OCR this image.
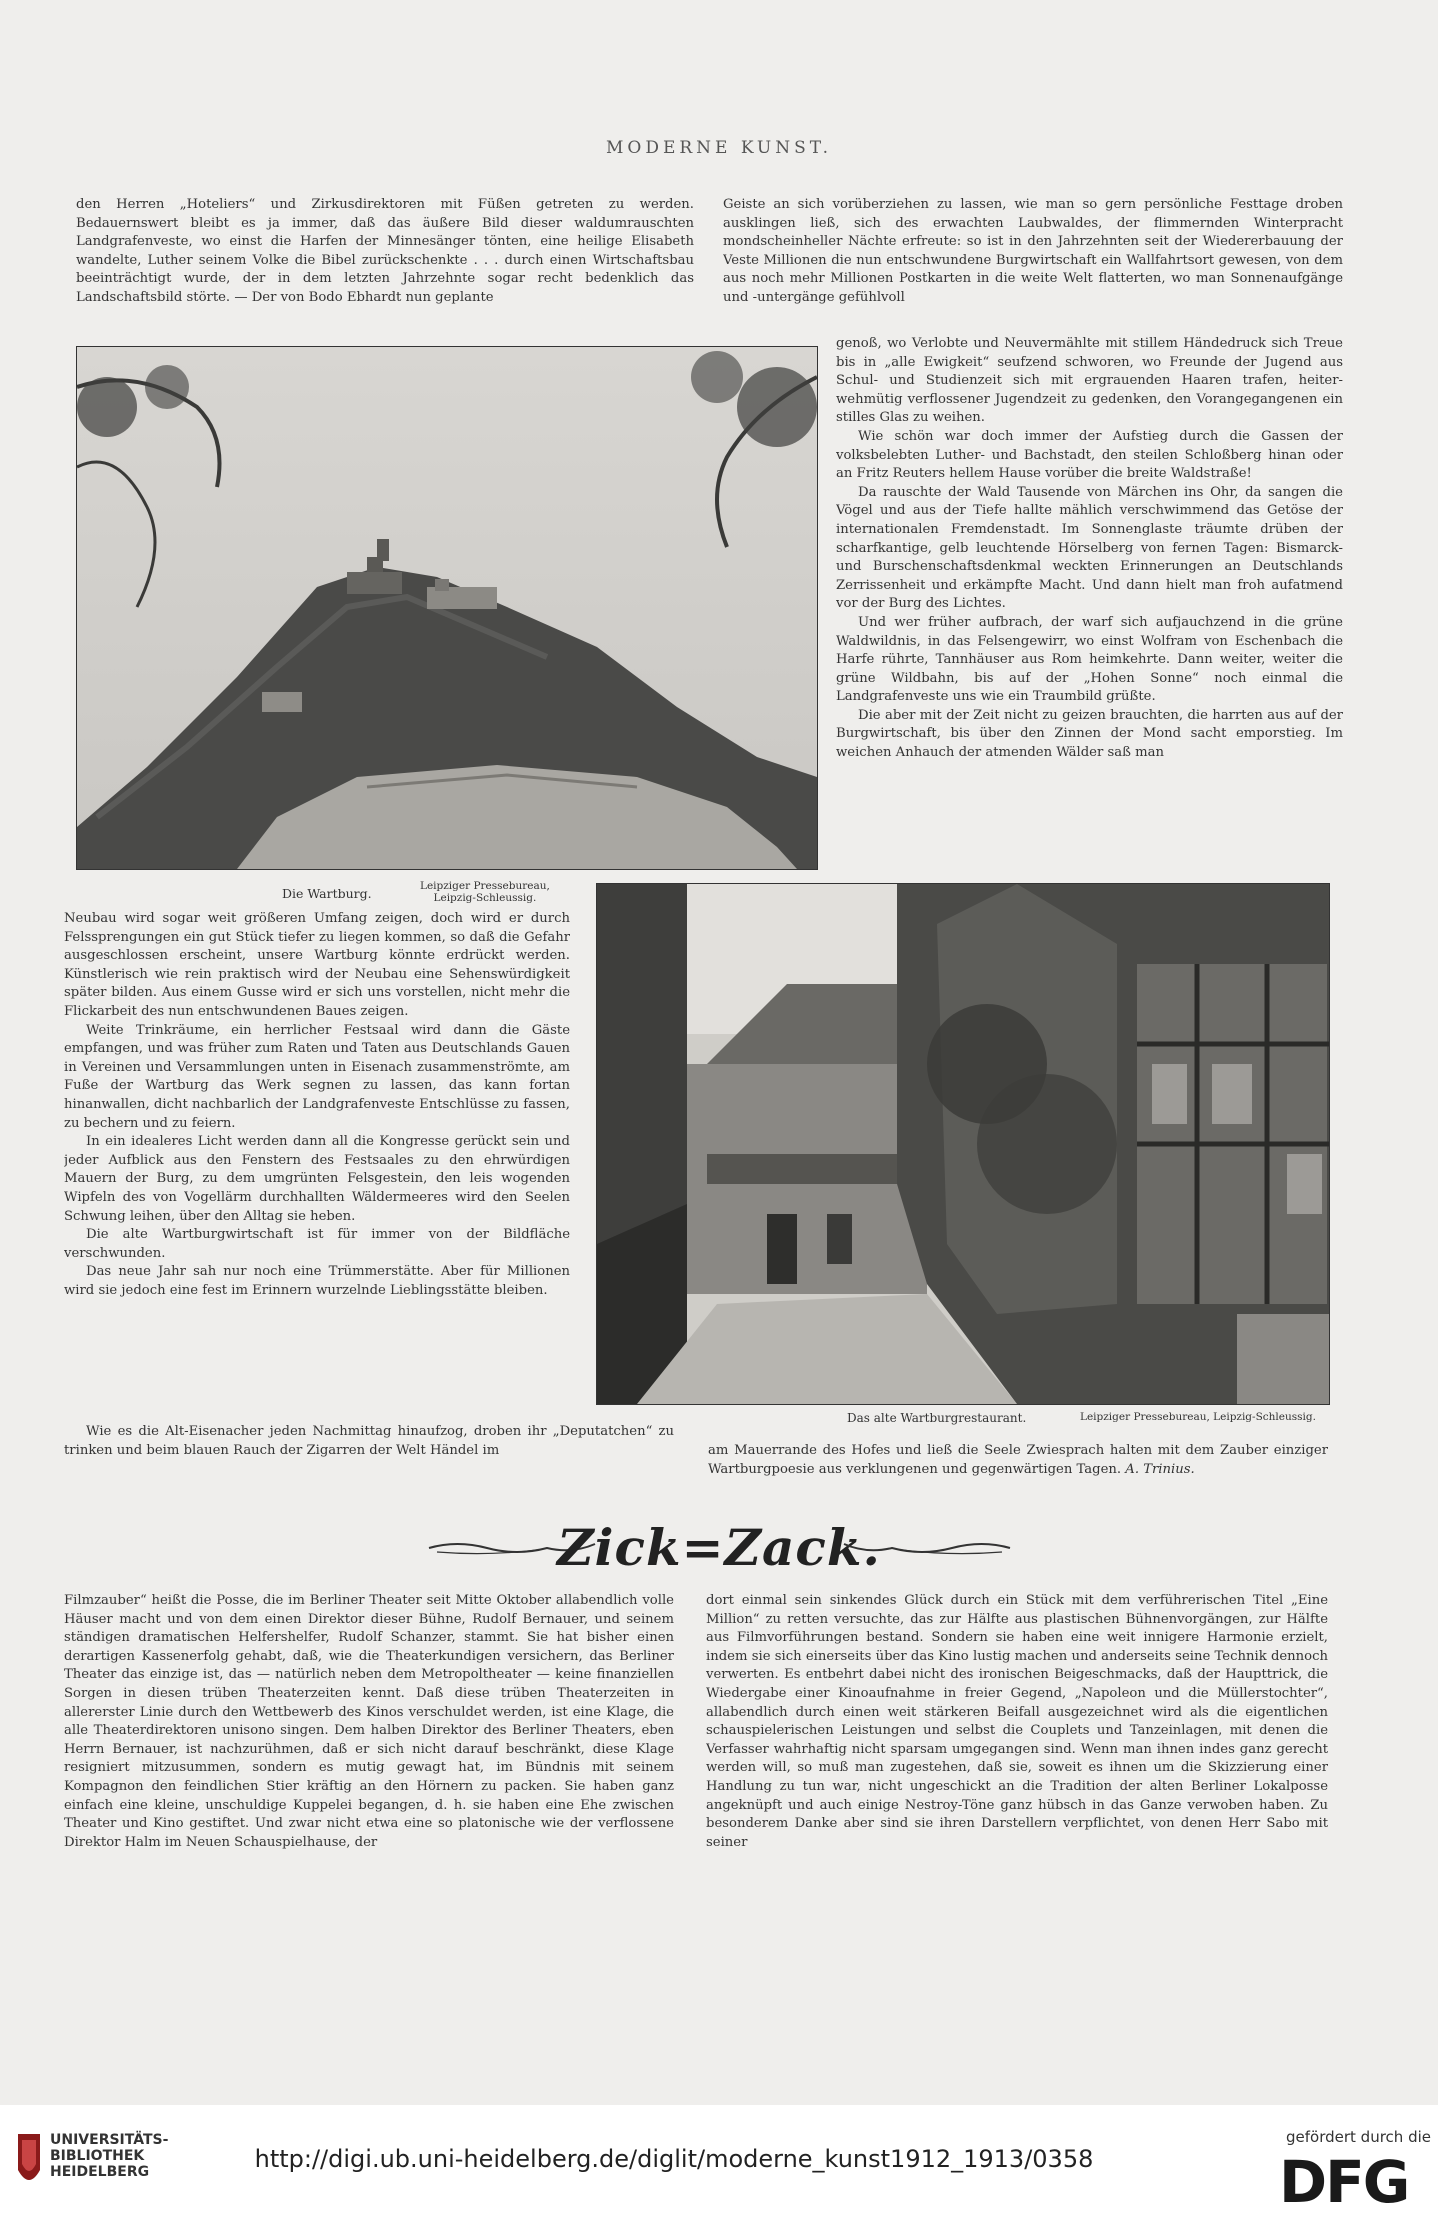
MODERNE KUNST.

den Herren „Hoteliers“ und Zirkusdirektoren mit Füßen getreten zu werden. Bedauernswert bleibt es ja immer, daß das äußere Bild dieser waldumrauschten Landgrafenveste, wo einst die Harfen der Minnesänger tönten, eine heilige Elisabeth wandelte, Luther seinem Volke die Bibel zurückschenkte . . . durch einen Wirtschaftsbau beeinträchtigt wurde, der in dem letzten Jahrzehnte sogar recht bedenklich das Landschaftsbild störte. — Der von Bodo Ebhardt nun geplante

Geiste an sich vorüberziehen zu lassen, wie man so gern persönliche Festtage droben ausklingen ließ, sich des erwachten Laubwaldes, der flimmernden Winterpracht mondscheinheller Nächte erfreute: so ist in den Jahrzehnten seit der Wiedererbauung der Veste Millionen die nun entschwundene Burgwirtschaft ein Wallfahrtsort gewesen, von dem aus noch mehr Millionen Postkarten in die weite Welt flatterten, wo man Sonnenaufgänge und -untergänge gefühlvoll

Die Wartburg.	Leipziger Pressebureau,
Leipzig-Schleussig.

genoß, wo Verlobte und Neuvermählte mit stillem Händedruck sich Treue bis in „alle Ewigkeit“ seufzend schworen, wo Freunde der Jugend aus Schul- und Studienzeit sich mit ergrauenden Haaren trafen, heiter-wehmütig verflossener Jugendzeit zu gedenken, den Vorangegangenen ein stilles Glas zu weihen.

Wie schön war doch immer der Aufstieg durch die Gassen der volksbelebten Luther- und Bachstadt, den steilen Schloßberg hinan oder an Fritz Reuters hellem Hause vorüber die breite Waldstraße!

Da rauschte der Wald Tausende von Märchen ins Ohr, da sangen die Vögel und aus der Tiefe hallte mählich verschwimmend das Getöse der internationalen Fremdenstadt. Im Sonnenglaste träumte drüben der scharfkantige, gelb leuchtende Hörselberg von fernen Tagen: Bismarck- und Burschenschaftsdenkmal weckten Erinnerungen an Deutschlands Zerrissenheit und erkämpfte Macht. Und dann hielt man froh aufatmend vor der Burg des Lichtes.

Und wer früher aufbrach, der warf sich aufjauchzend in die grüne Waldwildnis, in das Felsengewirr, wo einst Wolfram von Eschenbach die Harfe rührte, Tannhäuser aus Rom heimkehrte. Dann weiter, weiter die grüne Wildbahn, bis auf der „Hohen Sonne“ noch einmal die Landgrafenveste uns wie ein Traumbild grüßte.

Die aber mit der Zeit nicht zu geizen brauchten, die harrten aus auf der Burgwirtschaft, bis über den Zinnen der Mond sacht emporstieg. Im weichen Anhauch der atmenden Wälder saß man

Neubau wird sogar weit größeren Umfang zeigen, doch wird er durch Felssprengungen ein gut Stück tiefer zu liegen kommen, so daß die Gefahr ausgeschlossen erscheint, unsere Wartburg könnte erdrückt werden. Künstlerisch wie rein praktisch wird der Neubau eine Sehenswürdigkeit später bilden. Aus einem Gusse wird er sich uns vorstellen, nicht mehr die Flickarbeit des nun entschwundenen Baues zeigen.

Weite Trinkräume, ein herrlicher Festsaal wird dann die Gäste empfangen, und was früher zum Raten und Taten aus Deutschlands Gauen in Vereinen und Versammlungen unten in Eisenach zusammenströmte, am Fuße der Wartburg das Werk segnen zu lassen, das kann fortan hinanwallen, dicht nachbarlich der Landgrafenveste Entschlüsse zu fassen, zu bechern und zu feiern.

In ein idealeres Licht werden dann all die Kongresse gerückt sein und jeder Aufblick aus den Fenstern des Festsaales zu den ehrwürdigen Mauern der Burg, zu dem umgrünten Felsgestein, den leis wogenden Wipfeln des von Vogellärm durchhallten Wäldermeeres wird den Seelen Schwung leihen, über den Alltag sie heben.

Die alte Wartburgwirtschaft ist für immer von der Bildfläche verschwunden.

Das neue Jahr sah nur noch eine Trümmerstätte. Aber für Millionen wird sie jedoch eine fest im Erinnern wurzelnde Lieblingsstätte bleiben.

Das alte Wartburgrestaurant.	Leipziger Pressebureau, Leipzig-Schleussig.

Wie es die Alt-Eisenacher jeden Nachmittag hinaufzog, droben ihr „Deputatchen“ zu trinken und beim blauen Rauch der Zigarren der Welt Händel im	am Mauerrande des Hofes und ließ die Seele Zwiesprach halten mit dem Zauber einziger Wartburgpoesie aus verklungenen und gegenwärtigen Tagen. A. Trinius.

Zick=Zack.

Filmzauber“ heißt die Posse, die im Berliner Theater seit Mitte Oktober allabendlich volle Häuser macht und von dem einen Direktor dieser Bühne, Rudolf Bernauer, und seinem ständigen dramatischen Helfershelfer, Rudolf Schanzer, stammt. Sie hat bisher einen derartigen Kassenerfolg gehabt, daß, wie die Theaterkundigen versichern, das Berliner Theater das einzige ist, das — natürlich neben dem Metropoltheater — keine finanziellen Sorgen in diesen trüben Theaterzeiten kennt. Daß diese trüben Theaterzeiten in allererster Linie durch den Wettbewerb des Kinos verschuldet werden, ist eine Klage, die alle Theaterdirektoren unisono singen. Dem halben Direktor des Berliner Theaters, eben Herrn Bernauer, ist nachzurühmen, daß er sich nicht darauf beschränkt, diese Klage resigniert mitzusummen, sondern es mutig gewagt hat, im Bündnis mit seinem Kompagnon den feindlichen Stier kräftig an den Hörnern zu packen. Sie haben ganz einfach eine kleine, unschuldige Kuppelei begangen, d. h. sie haben eine Ehe zwischen Theater und Kino gestiftet. Und zwar nicht etwa eine so platonische wie der verflossene Direktor Halm im Neuen Schauspielhause, der

dort einmal sein sinkendes Glück durch ein Stück mit dem verführerischen Titel „Eine Million“ zu retten versuchte, das zur Hälfte aus plastischen Bühnenvorgängen, zur Hälfte aus Filmvorführungen bestand. Sondern sie haben eine weit innigere Harmonie erzielt, indem sie sich einerseits über das Kino lustig machen und anderseits seine Technik dennoch verwerten. Es entbehrt dabei nicht des ironischen Beigeschmacks, daß der Haupttrick, die Wiedergabe einer Kinoaufnahme in freier Gegend, „Napoleon und die Müllerstochter“, allabendlich durch einen weit stärkeren Beifall ausgezeichnet wird als die eigentlichen schauspielerischen Leistungen und selbst die Couplets und Tanzeinlagen, mit denen die Verfasser wahrhaftig nicht sparsam umgegangen sind. Wenn man ihnen indes ganz gerecht werden will, so muß man zugestehen, daß sie, soweit es ihnen um die Skizzierung einer Handlung zu tun war, nicht ungeschickt an die Tradition der alten Berliner Lokalposse angeknüpft und auch einige Nestroy-Töne ganz hübsch in das Ganze verwoben haben. Zu besonderem Danke aber sind sie ihren Darstellern verpflichtet, von denen Herr Sabo mit seiner

UNIVERSITÄTS-
BIBLIOTHEK
HEIDELBERG	http://digi.ub.uni-heidelberg.de/diglit/moderne_kunst1912_1913/0358
gefördert durch die
DFG
